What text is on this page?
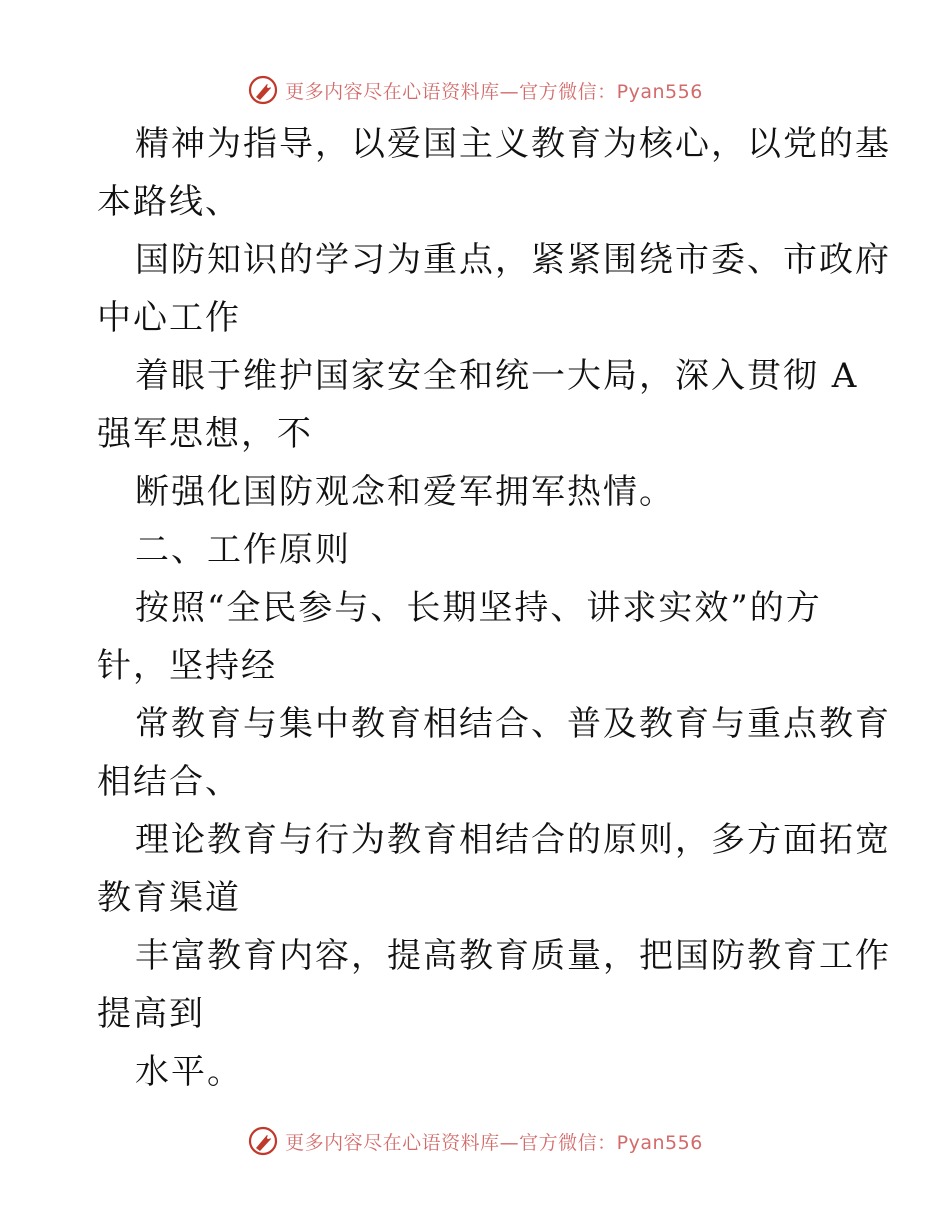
更多内容尽在心语资料库—官方微信：Pyan556
精神为指导，以爱国主义教育为核心，以党的基
本路线、
国防知识的学习为重点，紧紧围绕市委、市政府
中心工作
着眼于维护国家安全和统一大局，深入贯彻 A
强军思想，不
断强化国防观念和爱军拥军热情。
二、工作原则
按照“全民参与、长期坚持、讲求实效”的方
针，坚持经
常教育与集中教育相结合、普及教育与重点教育
相结合、
理论教育与行为教育相结合的原则，多方面拓宽
教育渠道
丰富教育内容，提高教育质量，把国防教育工作
提高到
水平。
更多内容尽在心语资料库—官方微信：Pyan556
